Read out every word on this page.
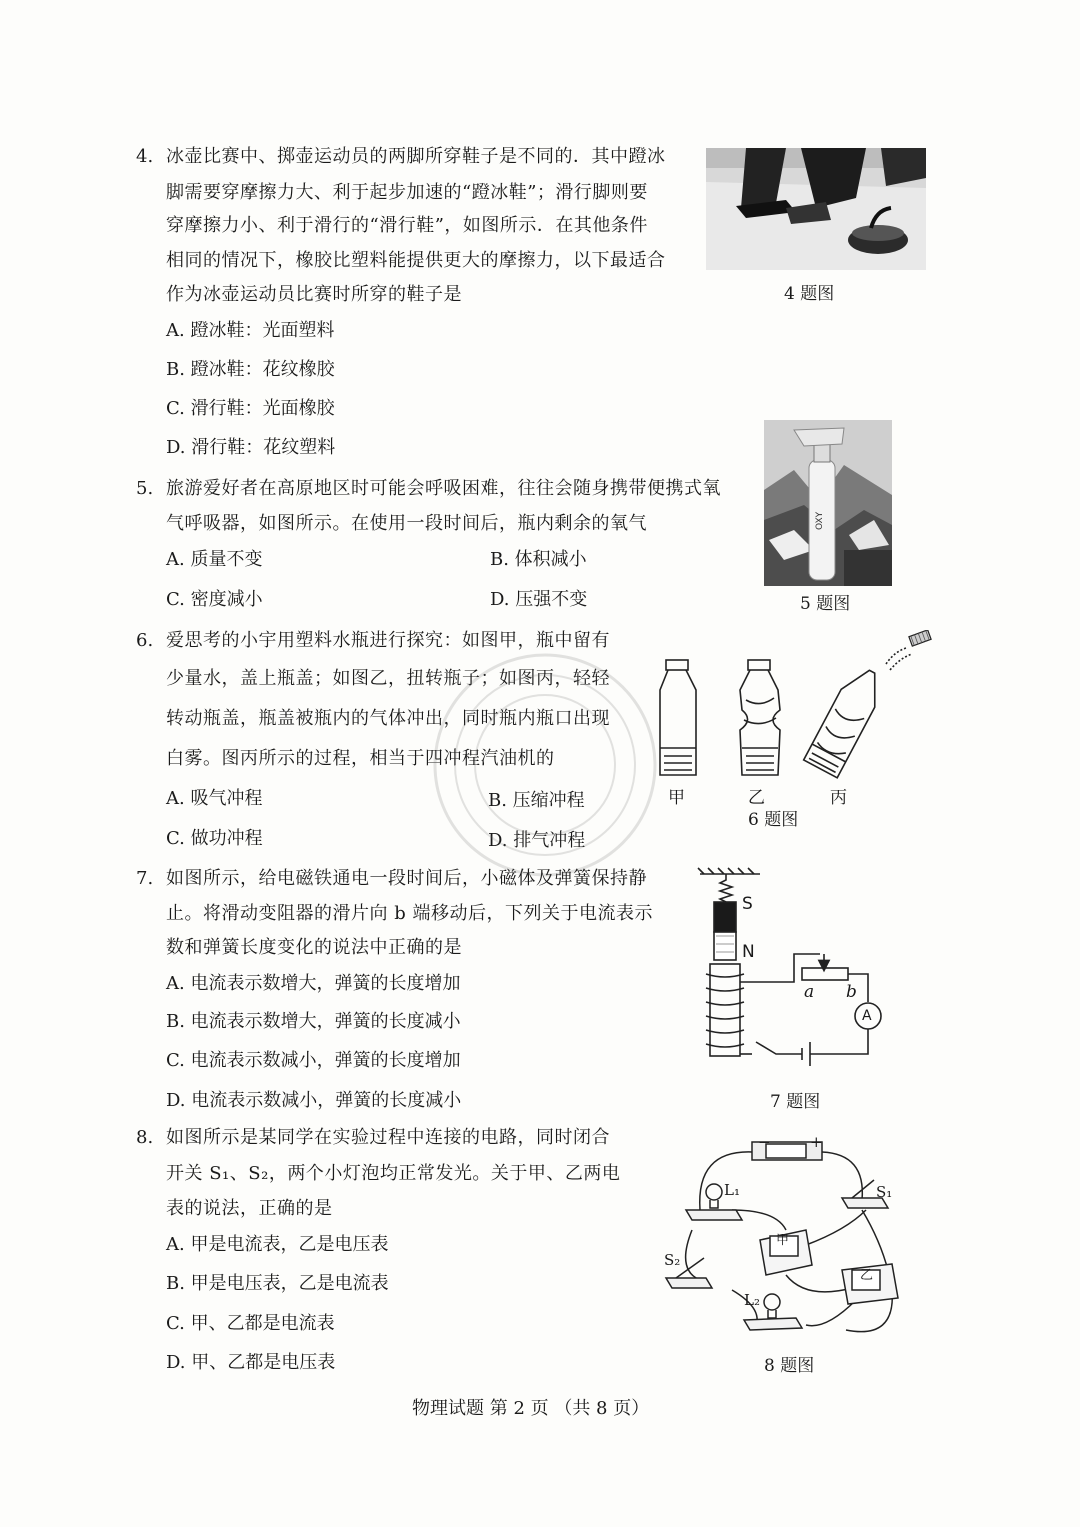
4. 冰壶比赛中、掷壶运动员的两脚所穿鞋子是不同的．其中蹬冰
脚需要穿摩擦力大、利于起步加速的“蹬冰鞋”；滑行脚则要
穿摩擦力小、利于滑行的“滑行鞋”，如图所示．在其他条件
相同的情况下，橡胶比塑料能提供更大的摩擦力，以下最适合
作为冰壶运动员比赛时所穿的鞋子是
A. 蹬冰鞋：光面塑料
B. 蹬冰鞋：花纹橡胶
C. 滑行鞋：光面橡胶
D. 滑行鞋：花纹塑料
4 题图
5. 旅游爱好者在高原地区时可能会呼吸困难，往往会随身携带便携式氧
气呼吸器，如图所示。在使用一段时间后，瓶内剩余的氧气
A. 质量不变	B. 体积减小
C. 密度减小	D. 压强不变
OXY
5 题图
6. 爱思考的小宇用塑料水瓶进行探究：如图甲，瓶中留有
少量水，盖上瓶盖；如图乙，扭转瓶子；如图丙，轻轻
转动瓶盖，瓶盖被瓶内的气体冲出，同时瓶内瓶口出现
白雾。图丙所示的过程，相当于四冲程汽油机的
A. 吸气冲程	B. 压缩冲程
C. 做功冲程	D. 排气冲程
甲	乙	丙
6 题图
7. 如图所示，给电磁铁通电一段时间后，小磁体及弹簧保持静
止。将滑动变阻器的滑片向 b 端移动后，下列关于电流表示
数和弹簧长度变化的说法中正确的是
A. 电流表示数增大，弹簧的长度增加
B. 电流表示数增大，弹簧的长度减小
C. 电流表示数减小，弹簧的长度增加
D. 电流表示数减小，弹簧的长度减小
S
N
a b
A
7 题图
8. 如图所示是某同学在实验过程中连接的电路，同时闭合
开关 S₁、S₂，两个小灯泡均正常发光。关于甲、乙两电
表的说法，正确的是
A. 甲是电流表，乙是电压表
B. 甲是电压表，乙是电流表
C. 甲、乙都是电流表
D. 甲、乙都是电压表
−	+
L₁	S₁
甲
S₂
乙
L₂
8 题图
物理试题 第 2 页 （共 8 页）
